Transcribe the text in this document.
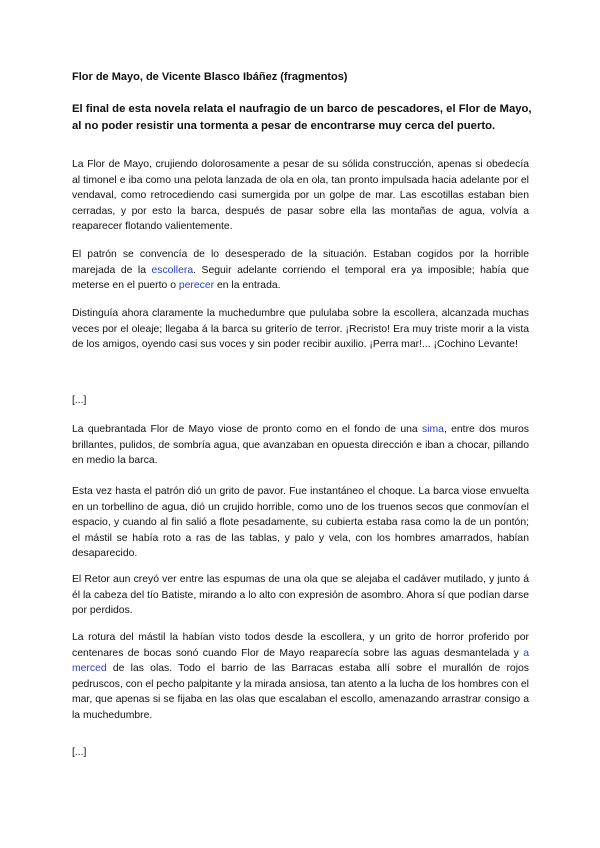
Flor de Mayo, de Vicente Blasco Ibáñez (fragmentos)
El final de esta novela relata el naufragio de un barco de pescadores, el Flor de Mayo, al no poder resistir una tormenta a pesar de encontrarse muy cerca del puerto.
La Flor de Mayo, crujiendo dolorosamente a pesar de su sólida construcción, apenas si obedecía al timonel e iba como una pelota lanzada de ola en ola, tan pronto impulsada hacia adelante por el vendaval, como retrocediendo casi sumergida por un golpe de mar. Las escotillas estaban bien cerradas, y por esto la barca, después de pasar sobre ella las montañas de agua, volvía a reaparecer flotando valientemente.
El patrón se convencía de lo desesperado de la situación. Estaban cogidos por la horrible marejada de la escollera. Seguir adelante corriendo el temporal era ya imposible; había que meterse en el puerto o perecer en la entrada.
Distinguía ahora claramente la muchedumbre que pululaba sobre la escollera, alcanzada muchas veces por el oleaje; llegaba á la barca su griterío de terror. ¡Recristo! Era muy triste morir a la vista de los amigos, oyendo casi sus voces y sin poder recibir auxilio. ¡Perra mar!... ¡Cochino Levante!
[...]
La quebrantada Flor de Mayo viose de pronto como en el fondo de una sima, entre dos muros brillantes, pulidos, de sombría agua, que avanzaban en opuesta dirección e iban a chocar, pillando en medio la barca.
Esta vez hasta el patrón dió un grito de pavor. Fue instantáneo el choque. La barca viose envuelta en un torbellino de agua, dió un crujido horrible, como uno de los truenos secos que conmovían el espacio, y cuando al fin salió a flote pesadamente, su cubierta estaba rasa como la de un pontón; el mástil se había roto a ras de las tablas, y palo y vela, con los hombres amarrados, habían desaparecido.
El Retor aun creyó ver entre las espumas de una ola que se alejaba el cadáver mutilado, y junto á él la cabeza del tío Batiste, mirando a lo alto con expresión de asombro. Ahora sí que podían darse por perdidos.
La rotura del mástil la habían visto todos desde la escollera, y un grito de horror proferido por centenares de bocas sonó cuando Flor de Mayo reaparecía sobre las aguas desmantelada y a merced de las olas. Todo el barrio de las Barracas estaba allí sobre el murallón de rojos pedruscos, con el pecho palpitante y la mirada ansiosa, tan atento a la lucha de los hombres con el mar, que apenas si se fijaba en las olas que escalaban el escollo, amenazando arrastrar consigo a la muchedumbre.
[...]
